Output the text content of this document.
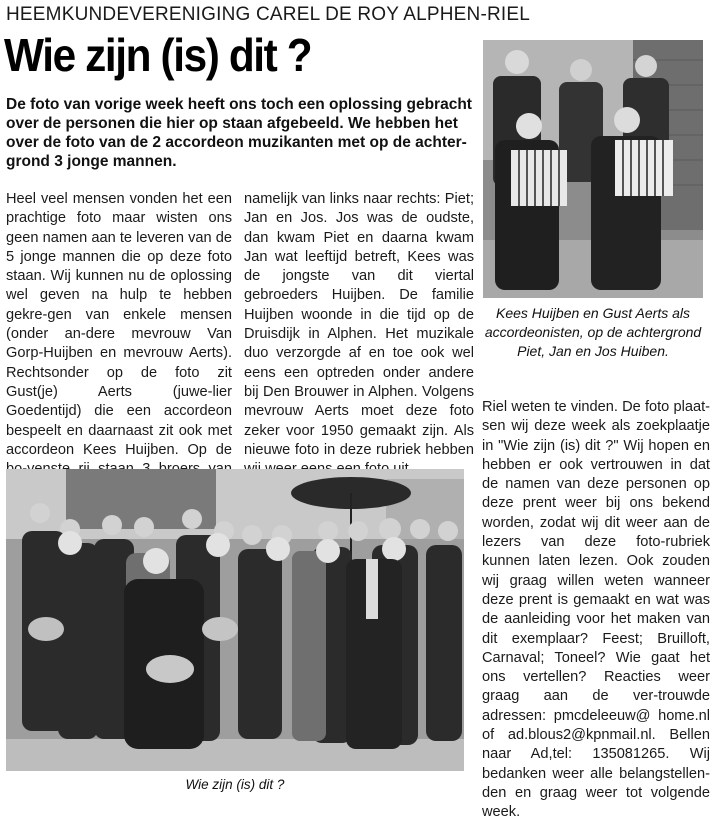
HEEMKUNDEVERENIGING CAREL DE ROY ALPHEN-RIEL
Wie zijn (is) dit ?
De foto van vorige week heeft ons toch een oplossing gebracht over de personen die hier op staan afgebeeld. We hebben het over de foto van de 2 accordeon muzikanten met op de achter-grond 3 jonge mannen.
Heel veel mensen vonden het een prachtige foto maar wisten ons geen namen aan te leveren van de 5 jonge mannen die op deze foto staan. Wij kunnen nu de oplossing wel geven na hulp te hebben gekre-gen van enkele mensen (onder an-dere mevrouw Van Gorp-Huijben en mevrouw Aerts). Rechtsonder op de foto zit Gust(je) Aerts (juwe-lier Goedentijd) die een accordeon bespeelt en daarnaast zit ook met accordeon Kees Huijben. Op de
namelijk van links naar rechts: Piet; Jan en Jos. Jos was de oudste, dan kwam Piet en daarna kwam Jan wat leeftijd betreft, Kees was de jongste van dit viertal gebroeders Huijben. De familie Huijben woonde in die tijd op de Druisdijk in Alphen. Het muzikale duo verzorgde af en toe ook wel eens een optreden onder andere bij Den Brouwer in Alphen. Volgens mevrouw Aerts moet deze foto zeker voor 1950 gemaakt zijn. Als nieuwe foto in deze rubriek hebben
Riel weten te vinden. De foto plaat-sen wij deze week als zoekplaatje in "Wie zijn (is) dit ?" Wij hopen en hebben er ook vertrouwen in dat de namen van deze personen op deze prent weer bij ons bekend worden, zodat wij dit weer aan de lezers van deze foto-rubriek kunnen laten lezen. Ook zouden wij graag willen weten wanneer deze prent is gemaakt en wat was de aanleiding voor het maken van dit exemplaar? Feest; Bruilloft, Carnaval; Toneel? Wie gaat het ons vertellen? Reacties weer graag aan de ver-trouwde adressen: pmcdeleeuw@ home.nl of ad.blous2@kpnmail.nl. Bellen naar Ad,tel: 135081265. Wij bedanken weer alle belangstellen-den en graag weer tot volgende week.
Kees Huijben en Gust Aerts als accordeonisten, op de achtergrond Piet, Jan en Jos Huiben.
Wie zijn (is) dit ?
